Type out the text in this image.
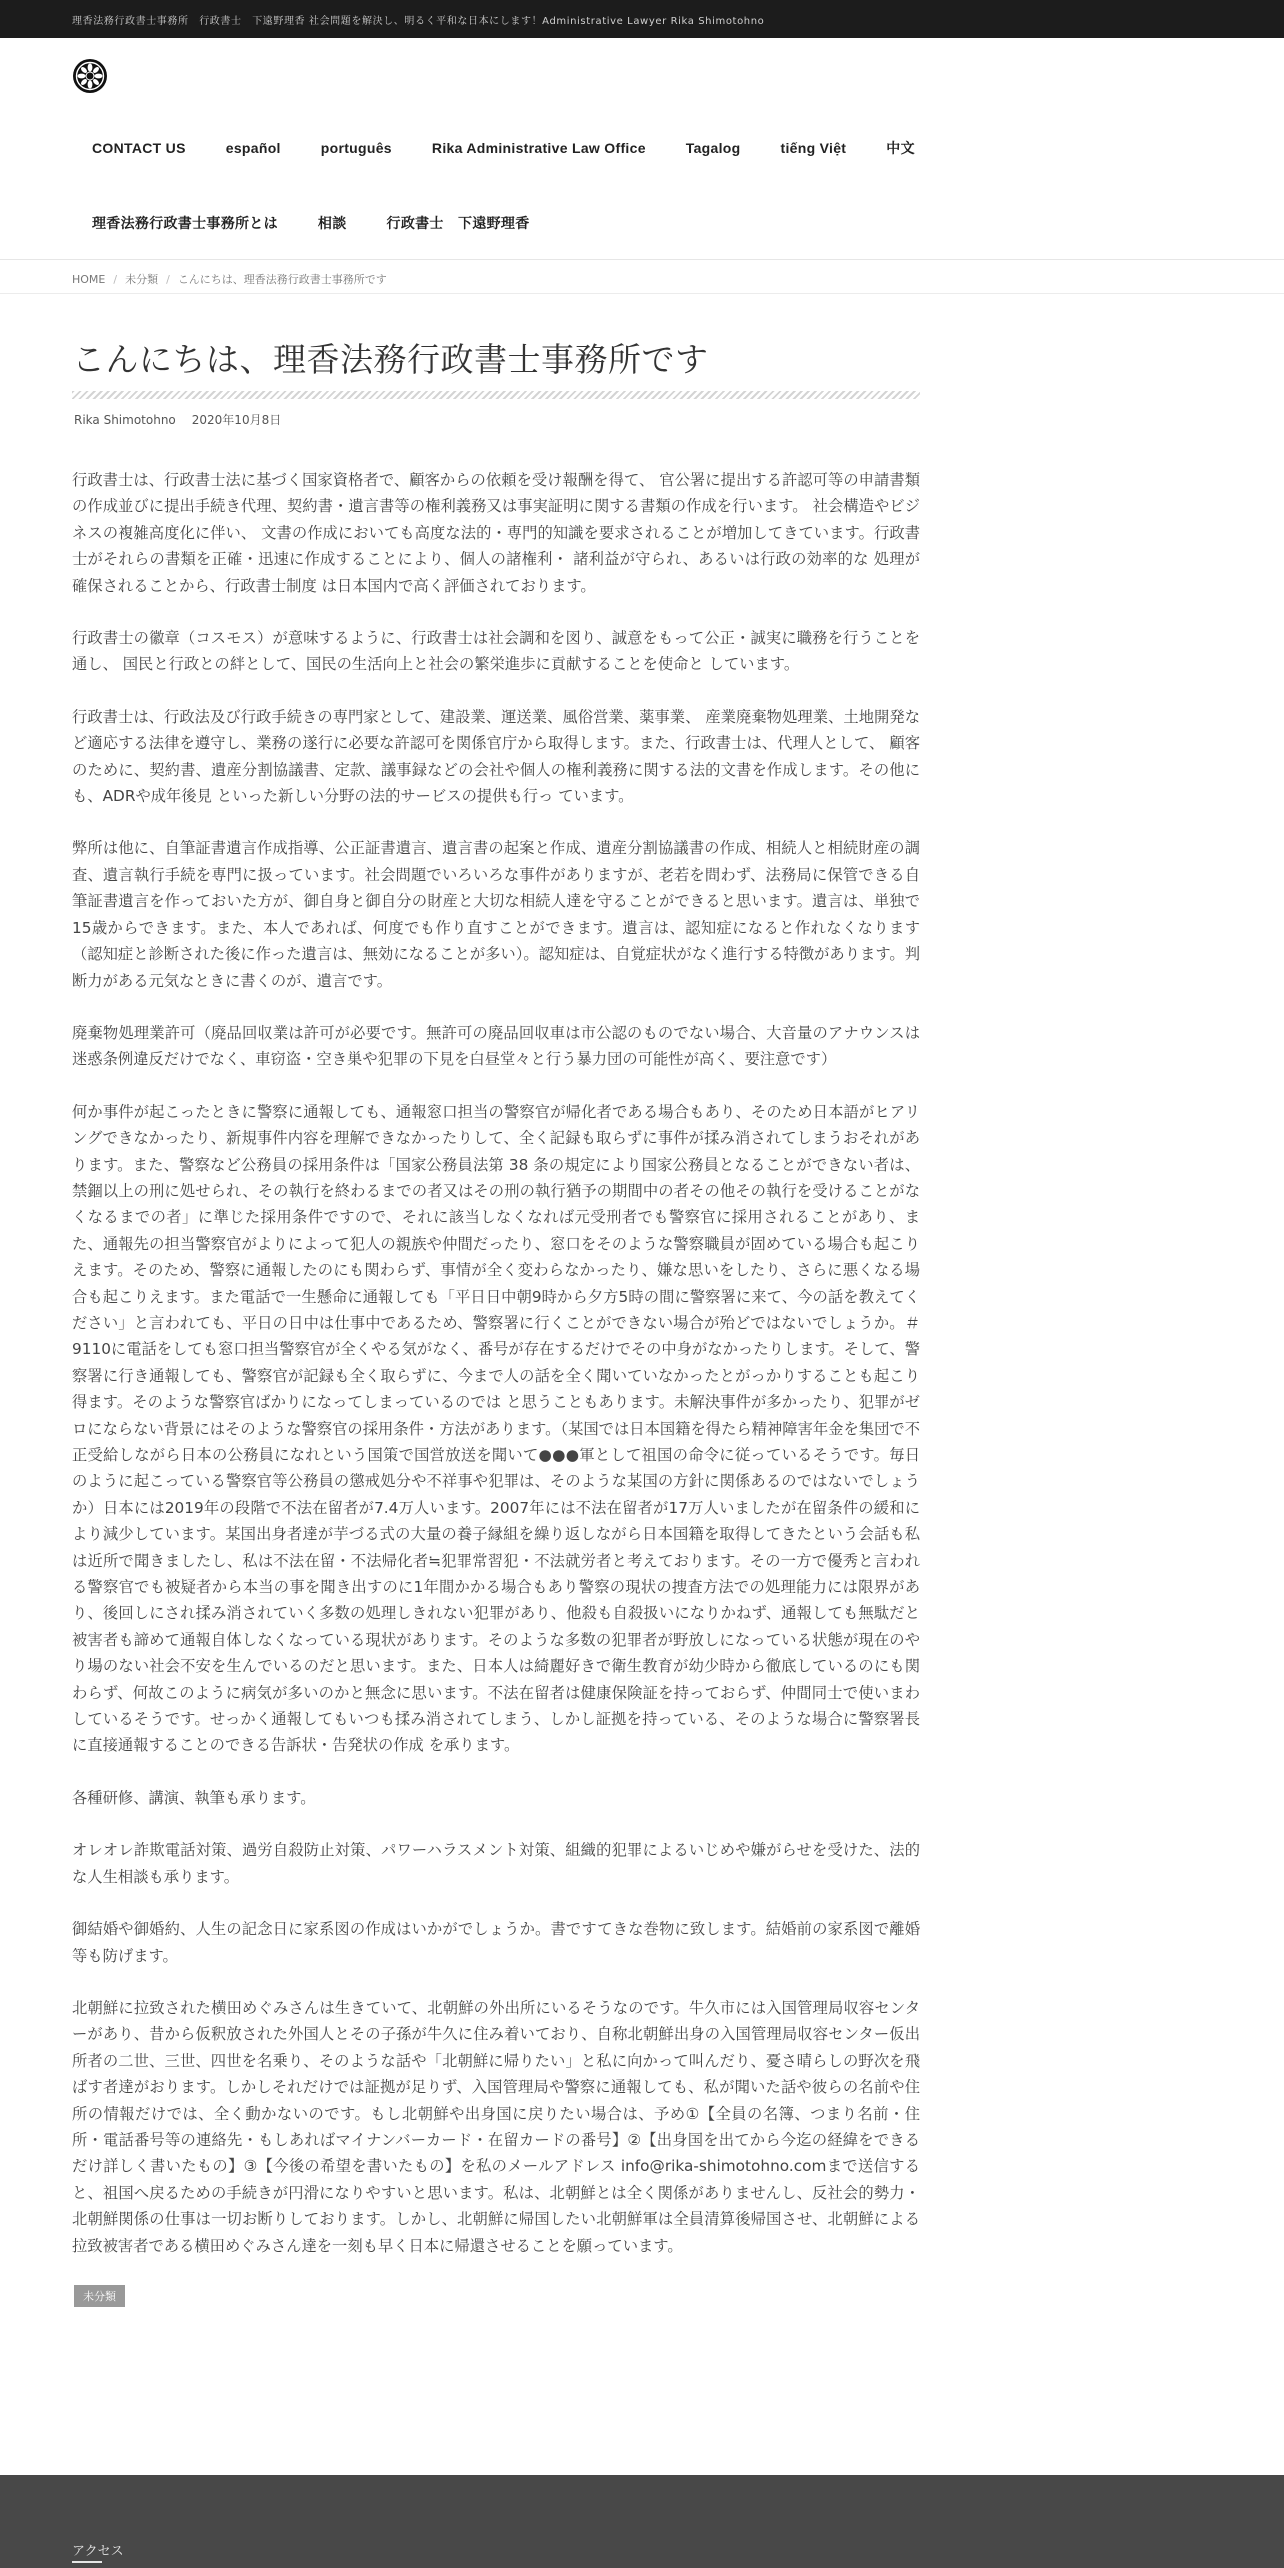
理香法務行政書士事務所　行政書士　下遠野理香 社会問題を解決し、明るく平和な日本にします！Administrative Lawyer Rika Shimotohno
CONTACT US	español	português	Rika Administrative Law Office	Tagalog	tiếng Việt	中文
理香法務行政書士事務所とは	相談	行政書士　下遠野理香
HOME / 未分類 / こんにちは、理香法務行政書士事務所です
こんにちは、理香法務行政書士事務所です
Rika Shimotohno 2020年10月8日

行政書士は、行政書士法に基づく国家資格者で、顧客からの依頼を受け報酬を得て、 官公署に提出する許認可等の申請書類の作成並びに提出手続き代理、契約書・遺言書等の権利義務又は事実証明に関する書類の作成を行います。 社会構造やビジネスの複雑高度化に伴い、 文書の作成においても高度な法的・専門的知識を要求されることが増加してきています。行政書士がそれらの書類を正確・迅速に作成することにより、個人の諸権利・ 諸利益が守られ、あるいは行政の効率的な 処理が確保されることから、行政書士制度 は日本国内で高く評価されております。

行政書士の徽章（コスモス）が意味するように、行政書士は社会調和を図り、誠意をもって公正・誠実に職務を行うことを通し、 国民と行政との絆として、国民の生活向上と社会の繁栄進歩に貢献することを使命と しています。

行政書士は、行政法及び行政手続きの専門家として、建設業、運送業、風俗営業、薬事業、 産業廃棄物処理業、土地開発など適応する法律を遵守し、業務の遂行に必要な許認可を関係官庁から取得します。また、行政書士は、代理人として、 顧客のために、契約書、遺産分割協議書、定款、議事録などの会社や個人の権利義務に関する法的文書を作成します。その他にも、ADRや成年後見 といった新しい分野の法的サービスの提供も行っ ています。

弊所は他に、自筆証書遺言作成指導、公正証書遺言、遺言書の起案と作成、遺産分割協議書の作成、相続人と相続財産の調査、遺言執行手続を専門に扱っています。社会問題でいろいろな事件がありますが、老若を問わず、法務局に保管できる自筆証書遺言を作っておいた方が、御自身と御自分の財産と大切な相続人達を守ることができると思います。遺言は、単独で15歳からできます。また、本人であれば、何度でも作り直すことができます。遺言は、認知症になると作れなくなります（認知症と診断された後に作った遺言は、無効になることが多い）。認知症は、自覚症状がなく進行する特徴があります。判断力がある元気なときに書くのが、遺言です。

廃棄物処理業許可（廃品回収業は許可が必要です。無許可の廃品回収車は市公認のものでない場合、大音量のアナウンスは迷惑条例違反だけでなく、車窃盗・空き巣や犯罪の下見を白昼堂々と行う暴力団の可能性が高く、要注意です）

何か事件が起こったときに警察に通報しても、通報窓口担当の警察官が帰化者である場合もあり、そのため日本語がヒアリングできなかったり、新規事件内容を理解できなかったりして、全く記録も取らずに事件が揉み消されてしまうおそれがあります。また、警察など公務員の採用条件は「国家公務員法第 38 条の規定により国家公務員となることができない者は、禁錮以上の刑に処せられ、その執行を終わるまでの者又はその刑の執行猶予の期間中の者その他その執行を受けることがなくなるまでの者」に準じた採用条件ですので、それに該当しなくなれば元受刑者でも警察官に採用されることがあり、また、通報先の担当警察官がよりによって犯人の親族や仲間だったり、窓口をそのような警察職員が固めている場合も起こりえます。そのため、警察に通報したのにも関わらず、事情が全く変わらなかったり、嫌な思いをしたり、さらに悪くなる場合も起こりえます。また電話で一生懸命に通報しても「平日日中朝9時から夕方5時の間に警察署に来て、今の話を教えてください」と言われても、平日の日中は仕事中であるため、警察署に行くことができない場合が殆どではないでしょうか。＃9110に電話をしても窓口担当警察官が全くやる気がなく、番号が存在するだけでその中身がなかったりします。そして、警察署に行き通報しても、警察官が記録も全く取らずに、今まで人の話を全く聞いていなかったとがっかりすることも起こり得ます。そのような警察官ばかりになってしまっているのでは と思うこともあります。未解決事件が多かったり、犯罪がゼロにならない背景にはそのような警察官の採用条件・方法があります。（某国では日本国籍を得たら精神障害年金を集団で不正受給しながら日本の公務員になれという国策で国営放送を聞いて●●●軍として祖国の命令に従っているそうです。毎日のように起こっている警察官等公務員の懲戒処分や不祥事や犯罪は、そのような某国の方針に関係あるのではないでしょうか）日本には2019年の段階で不法在留者が7.4万人います。2007年には不法在留者が17万人いましたが在留条件の緩和により減少しています。某国出身者達が芋づる式の大量の養子縁組を繰り返しながら日本国籍を取得してきたという会話も私は近所で聞きましたし、私は不法在留・不法帰化者≒犯罪常習犯・不法就労者と考えております。その一方で優秀と言われる警察官でも被疑者から本当の事を聞き出すのに1年間かかる場合もあり警察の現状の捜査方法での処理能力には限界があり、後回しにされ揉み消されていく多数の処理しきれない犯罪があり、他殺も自殺扱いになりかねず、通報しても無駄だと被害者も諦めて通報自体しなくなっている現状があります。そのような多数の犯罪者が野放しになっている状態が現在のやり場のない社会不安を生んでいるのだと思います。また、日本人は綺麗好きで衛生教育が幼少時から徹底しているのにも関わらず、何故このように病気が多いのかと無念に思います。不法在留者は健康保険証を持っておらず、仲間同士で使いまわしているそうです。せっかく通報してもいつも揉み消されてしまう、しかし証拠を持っている、そのような場合に警察署長に直接通報することのできる告訴状・告発状の作成 を承ります。

各種研修、講演、執筆も承ります。

オレオレ詐欺電話対策、過労自殺防止対策、パワーハラスメント対策、組織的犯罪によるいじめや嫌がらせを受けた、法的な人生相談も承ります。

御結婚や御婚約、人生の記念日に家系図の作成はいかがでしょうか。書ですてきな巻物に致します。結婚前の家系図で離婚等も防げます。

北朝鮮に拉致された横田めぐみさんは生きていて、北朝鮮の外出所にいるそうなのです。牛久市には入国管理局収容センターがあり、昔から仮釈放された外国人とその子孫が牛久に住み着いており、自称北朝鮮出身の入国管理局収容センター仮出所者の二世、三世、四世を名乗り、そのような話や「北朝鮮に帰りたい」と私に向かって叫んだり、憂さ晴らしの野次を飛ばす者達がおります。しかしそれだけでは証拠が足りず、入国管理局や警察に通報しても、私が聞いた話や彼らの名前や住所の情報だけでは、全く動かないのです。もし北朝鮮や出身国に戻りたい場合は、予め①【全員の名簿、つまり名前・住所・電話番号等の連絡先・もしあればマイナンバーカード・在留カードの番号】②【出身国を出てから今迄の経緯をできるだけ詳しく書いたもの】③【今後の希望を書いたもの】を私のメールアドレス info@rika-shimotohno.comまで送信すると、祖国へ戻るための手続きが円滑になりやすいと思います。私は、北朝鮮とは全く関係がありませんし、反社会的勢力・北朝鮮関係の仕事は一切お断りしております。しかし、北朝鮮に帰国したい北朝鮮軍は全員清算後帰国させ、北朝鮮による拉致被害者である横田めぐみさん達を一刻も早く日本に帰還させることを願っています。

未分類
アクセス
